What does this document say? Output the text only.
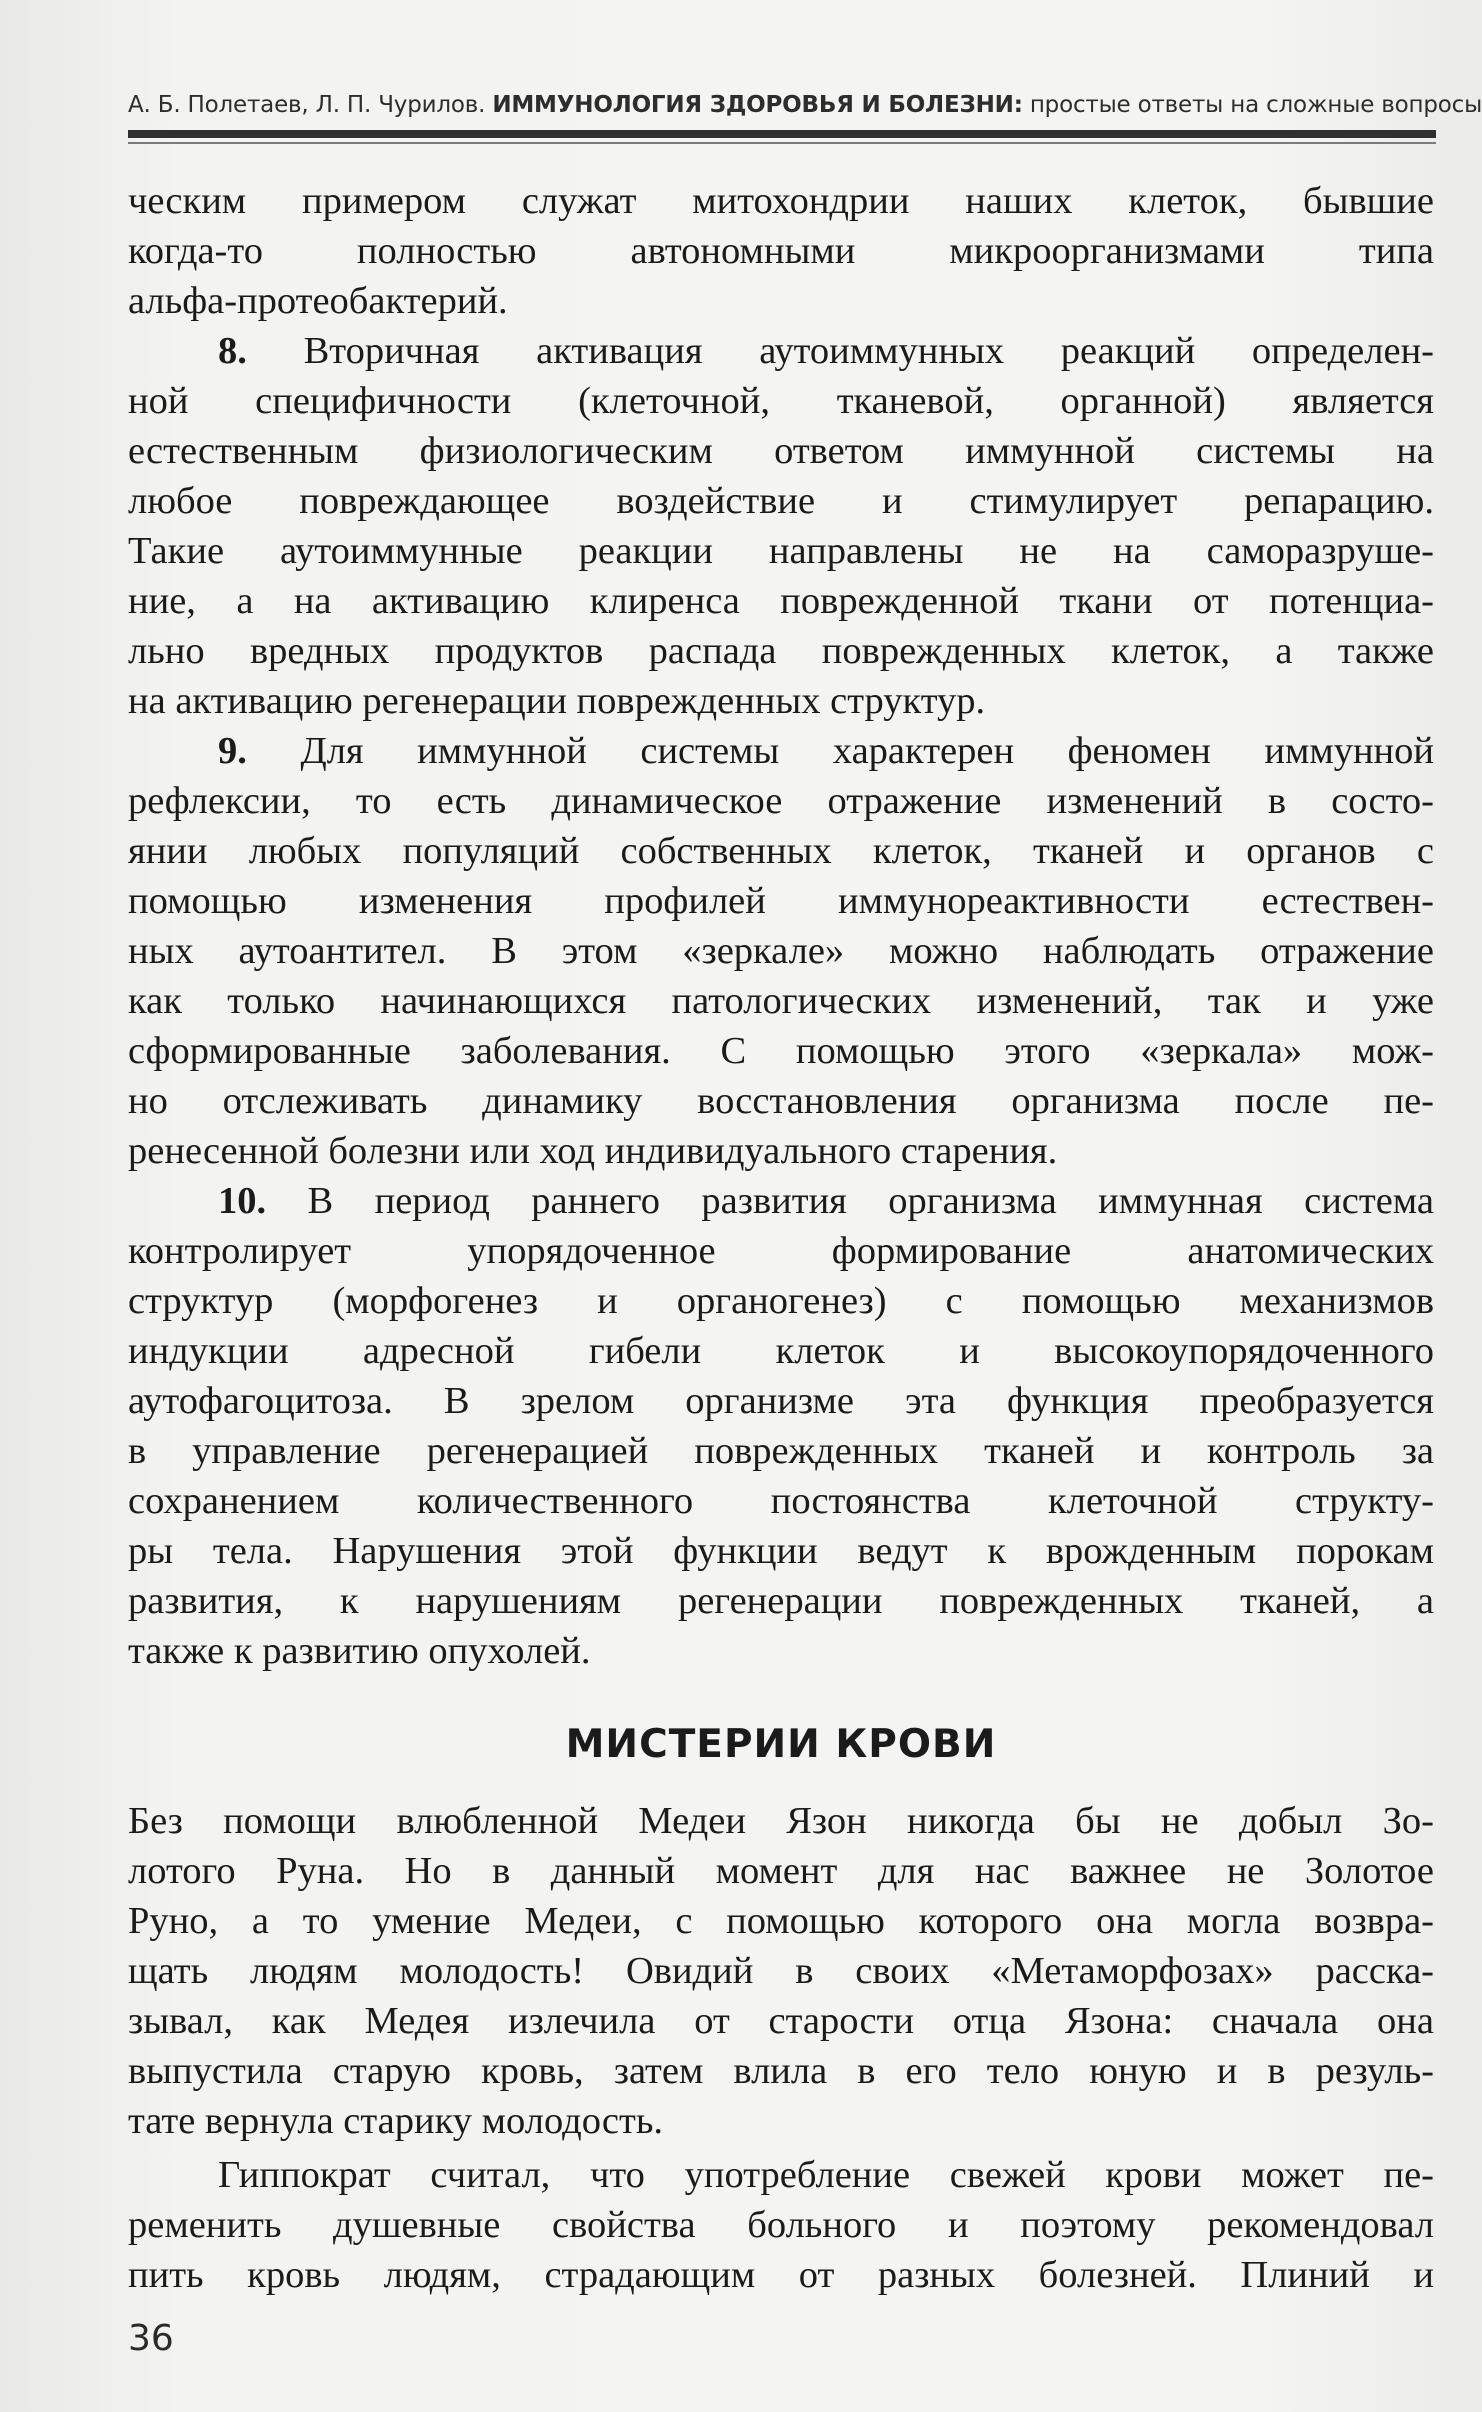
А. Б. Полетаев, Л. П. Чурилов. ИММУНОЛОГИЯ ЗДОРОВЬЯ И БОЛЕЗНИ: простые ответы на сложные вопросы
ческим примером служат митохондрии наших клеток, бывшие
когда-то полностью автономными микроорганизмами типа
альфа-протеобактерий.
8. Вторичная активация аутоиммунных реакций определен-
ной специфичности (клеточной, тканевой, органной) является
естественным физиологическим ответом иммунной системы на
любое повреждающее воздействие и стимулирует репарацию.
Такие аутоиммунные реакции направлены не на саморазруше-
ние, а на активацию клиренса поврежденной ткани от потенциа-
льно вредных продуктов распада поврежденных клеток, а также
на активацию регенерации поврежденных структур.
9. Для иммунной системы характерен феномен иммунной
рефлексии, то есть динамическое отражение изменений в состо-
янии любых популяций собственных клеток, тканей и органов с
помощью изменения профилей иммунореактивности естествен-
ных аутоантител. В этом «зеркале» можно наблюдать отражение
как только начинающихся патологических изменений, так и уже
сформированные заболевания. С помощью этого «зеркала» мож-
но отслеживать динамику восстановления организма после пе-
ренесенной болезни или ход индивидуального старения.
10. В период раннего развития организма иммунная система
контролирует упорядоченное формирование анатомических
структур (морфогенез и органогенез) с помощью механизмов
индукции адресной гибели клеток и высокоупорядоченного
аутофагоцитоза. В зрелом организме эта функция преобразуется
в управление регенерацией поврежденных тканей и контроль за
сохранением количественного постоянства клеточной структу-
ры тела. Нарушения этой функции ведут к врожденным порокам
развития, к нарушениям регенерации поврежденных тканей, а
также к развитию опухолей.
МИСТЕРИИ КРОВИ
Без помощи влюбленной Медеи Язон никогда бы не добыл Зо-
лотого Руна. Но в данный момент для нас важнее не Золотое
Руно, а то умение Медеи, с помощью которого она могла возвра-
щать людям молодость! Овидий в своих «Метаморфозах» расска-
зывал, как Медея излечила от старости отца Язона: сначала она
выпустила старую кровь, затем влила в его тело юную и в резуль-
тате вернула старику молодость.
Гиппократ считал, что употребление свежей крови может пе-
ременить душевные свойства больного и поэтому рекомендовал
пить кровь людям, страдающим от разных болезней. Плиний и
36
